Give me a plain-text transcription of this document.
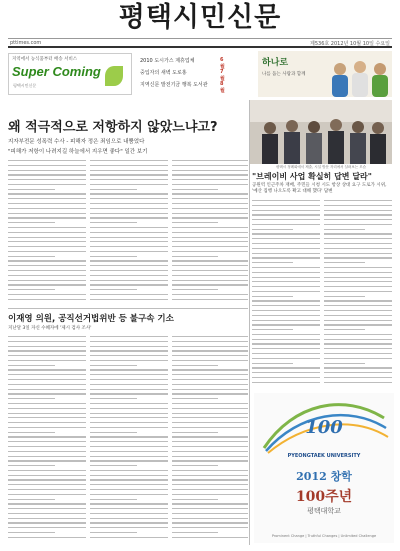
평택시민신문
pttimes.com	제536호 2012년 10월 10일 수요일
지역에서 농식품부터 배송 서비스
Super Coming
평택시민신문
2010 도시가스 제휴업체	6월
중입자의 새벽 도로홍	7월
지역신문 발전기금 행복 도서관 8월
하나로
나를 돕는 사람과 함께
왜 적극적으로 저항하지 않았느냐고?
지자부전문 성폭력 수사 - 피해자 정은 죄임으로 내뿜었다
"피해가 저항이 나려지길 하늘에서 지우면 좋다" 일간 보기
평택시 정례회에서 제출, 시설 방문 자리에서 살펴보는 모습
"브레이비 사업 확실히 답변 달라"
공원역 인근주차 재배, 주민들 시청 시도 항상 상대 요구 도로가 시위, '예산 집행 나오도록 확고 대해 했다' 답변
이재영 의원, 공직선거법위반 등 불구속 기소
지난달 3일 자신 수혜자에 '제시 검사 조사'
100
PYEONGTAEK UNIVERSITY
2012 창학
100주년
평택대학교
Prominent Change | Truthful Changes | Unlimited Challenge
